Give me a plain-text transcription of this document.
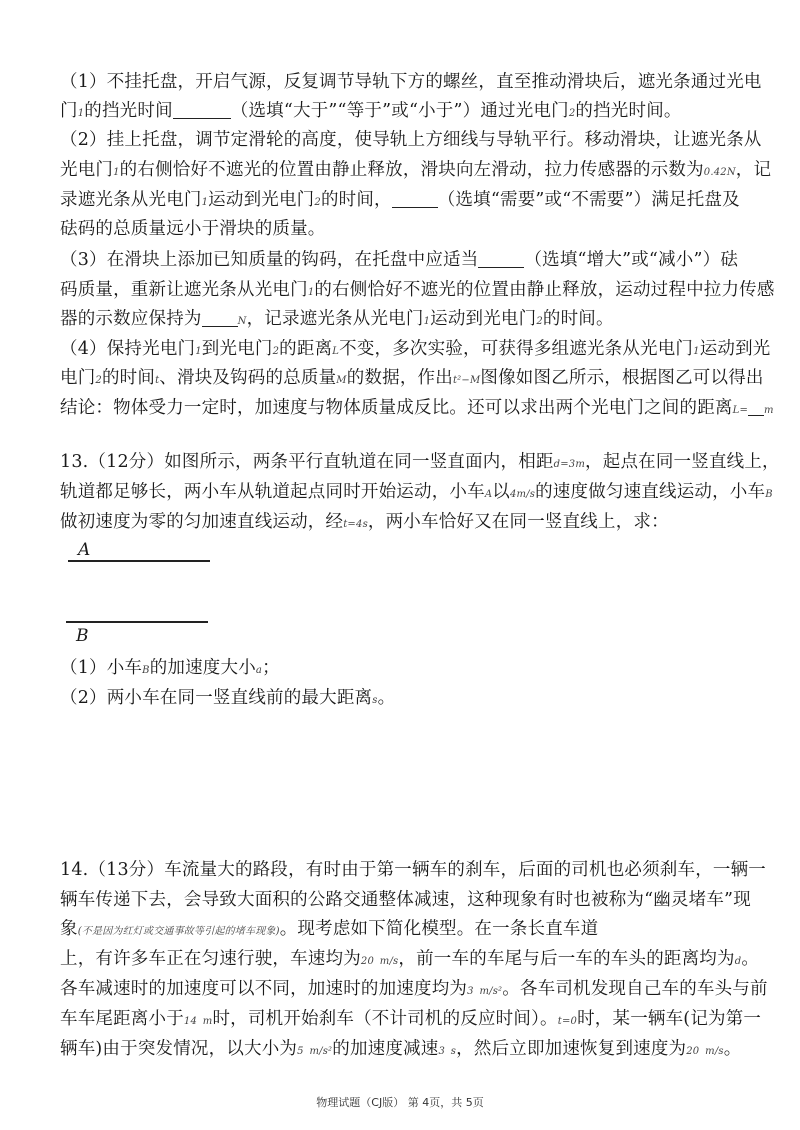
（1）不挂托盘，开启气源，反复调节导轨下方的螺丝，直至推动滑块后，遮光条通过光电
门1的挡光时间	（选填“大于”“等于”或“小于”）通过光电门2的挡光时间。
（2）挂上托盘，调节定滑轮的高度，使导轨上方细线与导轨平行。移动滑块，让遮光条从
光电门1的右侧恰好不遮光的位置由静止释放，滑块向左滑动，拉力传感器的示数为0.42N，记
录遮光条从光电门1运动到光电门2的时间，	（选填“需要”或“不需要”）满足托盘及
砝码的总质量远小于滑块的质量。
（3）在滑块上添加已知质量的钩码，在托盘中应适当	（选填“增大”或“减小”）砝
码质量，重新让遮光条从光电门1的右侧恰好不遮光的位置由静止释放，运动过程中拉力传感
器的示数应保持为	N，记录遮光条从光电门1运动到光电门2的时间。
（4）保持光电门1到光电门2的距离L不变，多次实验，可获得多组遮光条从光电门1运动到光
电门2的时间t、滑块及钩码的总质量M的数据，作出t²−M图像如图乙所示，根据图乙可以得出
结论：物体受力一定时，加速度与物体质量成反比。还可以求出两个光电门之间的距离L= m
13.（12分）如图所示，两条平行直轨道在同一竖直面内，相距d=3m，起点在同一竖直线上，
轨道都足够长，两小车从轨道起点同时开始运动，小车A以4m/s的速度做匀速直线运动，小车B
做初速度为零的匀加速直线运动，经t=4s，两小车恰好又在同一竖直线上，求：
A
B
（1）小车B的加速度大小a；
（2）两小车在同一竖直线前的最大距离s。
14.（13分）车流量大的路段，有时由于第一辆车的刹车，后面的司机也必须刹车，一辆一
辆车传递下去，会导致大面积的公路交通整体减速，这种现象有时也被称为“幽灵堵车”现
象(不是因为红灯或交通事故等引起的堵车现象)。现考虑如下简化模型。在一条长直车道
上，有许多车正在匀速行驶，车速均为20 m/s，前一车的车尾与后一车的车头的距离均为d。
各车减速时的加速度可以不同，加速时的加速度均为3 m/s²。各车司机发现自己车的车头与前
车车尾距离小于14 m时，司机开始刹车（不计司机的反应时间）。t=0时，某一辆车(记为第一
辆车)由于突发情况，以大小为5 m/s²的加速度减速3 s，然后立即加速恢复到速度为20 m/s。
物理试题（CJ版） 第 4页，共 5页
